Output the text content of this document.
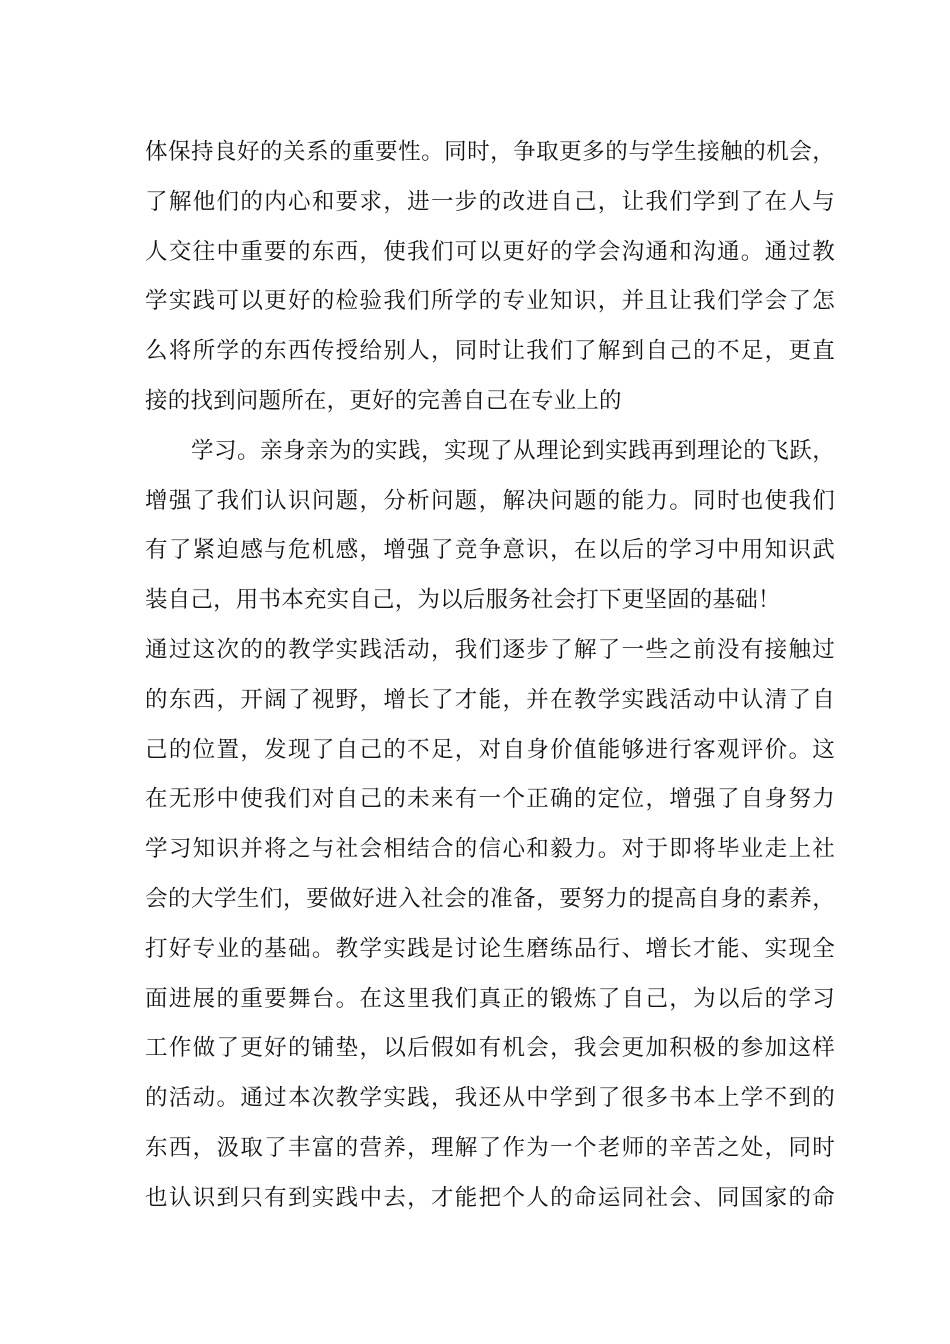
体保持良好的关系的重要性。同时，争取更多的与学生接触的机会，
了解他们的内心和要求，进一步的改进自己，让我们学到了在人与
人交往中重要的东西，使我们可以更好的学会沟通和沟通。通过教
学实践可以更好的检验我们所学的专业知识，并且让我们学会了怎
么将所学的东西传授给别人，同时让我们了解到自己的不足，更直
接的找到问题所在，更好的完善自己在专业上的
学习。亲身亲为的实践，实现了从理论到实践再到理论的飞跃，
增强了我们认识问题，分析问题，解决问题的能力。同时也使我们
有了紧迫感与危机感，增强了竞争意识，在以后的学习中用知识武
装自己，用书本充实自己，为以后服务社会打下更坚固的基础！
通过这次的的教学实践活动，我们逐步了解了一些之前没有接触过
的东西，开阔了视野，增长了才能，并在教学实践活动中认清了自
己的位置，发现了自己的不足，对自身价值能够进行客观评价。这
在无形中使我们对自己的未来有一个正确的定位，增强了自身努力
学习知识并将之与社会相结合的信心和毅力。对于即将毕业走上社
会的大学生们，要做好进入社会的准备，要努力的提高自身的素养，
打好专业的基础。教学实践是讨论生磨练品行、增长才能、实现全
面进展的重要舞台。在这里我们真正的锻炼了自己，为以后的学习
工作做了更好的铺垫，以后假如有机会，我会更加积极的参加这样
的活动。通过本次教学实践，我还从中学到了很多书本上学不到的
东西，汲取了丰富的营养，理解了作为一个老师的辛苦之处，同时
也认识到只有到实践中去，才能把个人的命运同社会、同国家的命
